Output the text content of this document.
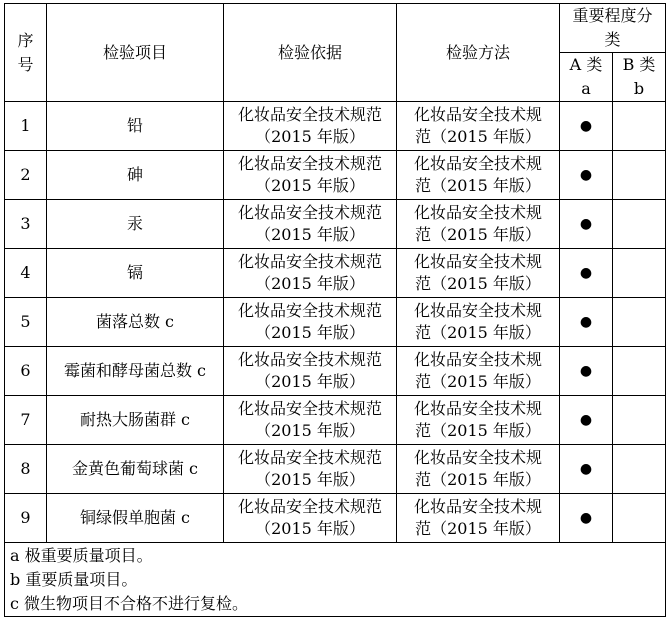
序号	检验项目	检验依据	检验方法	重要程度分类	
				A 类 a	B 类 b
1	铅	化妆品安全技术规范（2015 年版）	化妆品安全技术规范（2015 年版）	●	
2	砷	化妆品安全技术规范（2015 年版）	化妆品安全技术规范（2015 年版）	●	
3	汞	化妆品安全技术规范（2015 年版）	化妆品安全技术规范（2015 年版）	●	
4	镉	化妆品安全技术规范（2015 年版）	化妆品安全技术规范（2015 年版）	●	
5	菌落总数 c	化妆品安全技术规范（2015 年版）	化妆品安全技术规范（2015 年版）	●	
6	霉菌和酵母菌总数 c	化妆品安全技术规范（2015 年版）	化妆品安全技术规范（2015 年版）	●	
7	耐热大肠菌群 c	化妆品安全技术规范（2015 年版）	化妆品安全技术规范（2015 年版）	●	
8	金黄色葡萄球菌 c	化妆品安全技术规范（2015 年版）	化妆品安全技术规范（2015 年版）	●	
9	铜绿假单胞菌 c	化妆品安全技术规范（2015 年版）	化妆品安全技术规范（2015 年版）	●	

a 极重要质量项目。
b 重要质量项目。
c 微生物项目不合格不进行复检。					
